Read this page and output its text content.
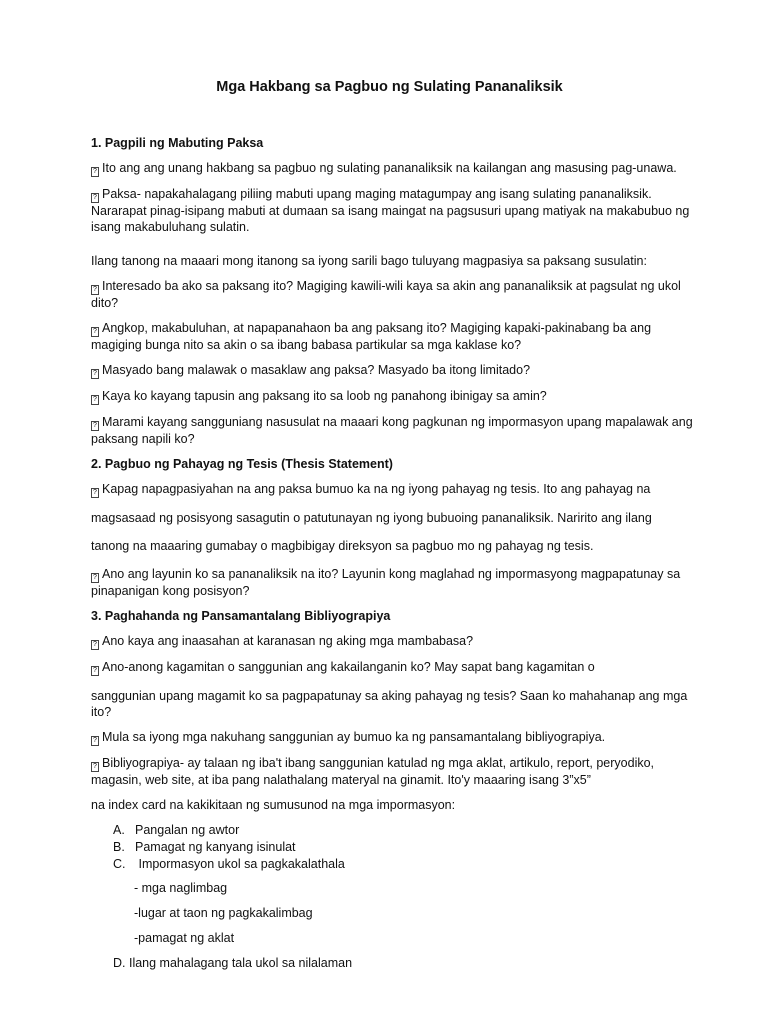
Mga Hakbang sa Pagbuo ng Sulating Pananaliksik
1. Pagpili ng Mabuting Paksa

? Ito ang ang unang hakbang sa pagbuo ng sulating pananaliksik na kailangan ang masusing pag-unawa.

? Paksa- napakahalagang piliing mabuti upang maging matagumpay ang isang sulating pananaliksik. Nararapat pinag-isipang mabuti at dumaan sa isang maingat na pagsusuri upang matiyak na makabubuo ng isang makabuluhang sulatin.

Ilang tanong na maaari mong itanong sa iyong sarili bago tuluyang magpasiya sa paksang susulatin:

? Interesado ba ako sa paksang ito? Magiging kawili-wili kaya sa akin ang pananaliksik at pagsulat ng ukol dito?

? Angkop, makabuluhan, at napapanahaon ba ang paksang ito? Magiging kapaki-pakinabang ba ang magiging bunga nito sa akin o sa ibang babasa partikular sa mga kaklase ko?

? Masyado bang malawak o masaklaw ang paksa? Masyado ba itong limitado?

? Kaya ko kayang tapusin ang paksang ito sa loob ng panahong ibinigay sa amin?

? Marami kayang sangguniang nasusulat na maaari kong pagkunan ng impormasyon upang mapalawak ang paksang napili ko?

2. Pagbuo ng Pahayag ng Tesis (Thesis Statement)

? Kapag napagpasiyahan na ang paksa bumuo ka na ng iyong pahayag ng tesis. Ito ang pahayag na

magsasaad ng posisyong sasagutin o patutunayan ng iyong bubuoing pananaliksik. Naririto ang ilang

tanong na maaaring gumabay o magbibigay direksyon sa pagbuo mo ng pahayag ng tesis.

? Ano ang layunin ko sa pananaliksik na ito? Layunin kong maglahad ng impormasyong magpapatunay sa pinapanigan kong posisyon?

3. Paghahanda ng Pansamantalang Bibliyograpiya

? Ano kaya ang inaasahan at karanasan ng aking mga mambabasa?

? Ano-anong kagamitan o sanggunian ang kakailanganin ko? May sapat bang kagamitan o

sanggunian upang magamit ko sa pagpapatunay sa aking pahayag ng tesis? Saan ko mahahanap ang mga ito?

? Mula sa iyong mga nakuhang sanggunian ay bumuo ka ng pansamantalang bibliyograpiya.

? Bibliyograpiya- ay talaan ng iba't ibang sanggunian katulad ng mga aklat, artikulo, report, peryodiko, magasin, web site, at iba pang nalathalang materyal na ginamit. Ito'y maaaring isang 3”x5”

na index card na kakikitaan ng sumusunod na mga impormasyon:

A. Pangalan ng awtor
B. Pamagat ng kanyang isinulat
C. Impormasyon ukol sa pagkakalathala
- mga naglimbag
-lugar at taon ng pagkakalimbag
-pamagat ng aklat
D. Ilang mahalagang tala ukol sa nilalaman
